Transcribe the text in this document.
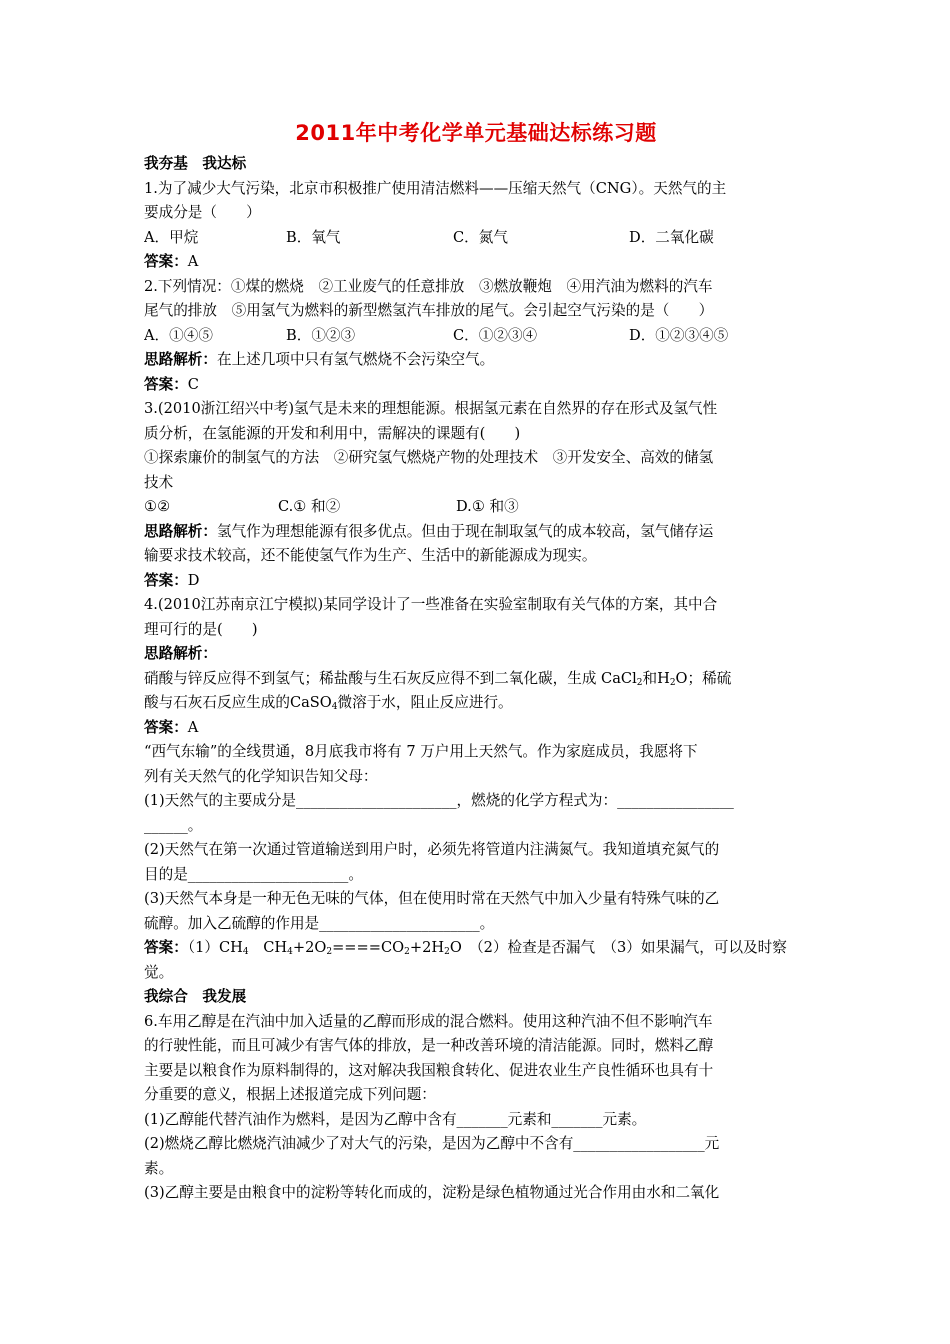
2011年中考化学单元基础达标练习题
我夯基　我达标
1.为了减少大气污染，北京市积极推广使用清洁燃料——压缩天然气（CNG）。天然气的主
要成分是（　　）
A．甲烷	B．氧气	C．氮气	D．二氧化碳
答案：A
2.下列情况：①煤的燃烧　②工业废气的任意排放　③燃放鞭炮　④用汽油为燃料的汽车
尾气的排放　⑤用氢气为燃料的新型燃氢汽车排放的尾气。会引起空气污染的是（　　）
A．①④⑤	B．①②③	C．①②③④	D．①②③④⑤
思路解析：在上述几项中只有氢气燃烧不会污染空气。
答案：C
3.(2010浙江绍兴中考)氢气是未来的理想能源。根据氢元素在自然界的存在形式及氢气性
质分析，在氢能源的开发和利用中，需解决的课题有(　　)
①探索廉价的制氢气的方法　②研究氢气燃烧产物的处理技术　③开发安全、高效的储氢
技术
①②	C.① 和②	D.① 和③
思路解析：氢气作为理想能源有很多优点。但由于现在制取氢气的成本较高，氢气储存运
输要求技术较高，还不能使氢气作为生产、生活中的新能源成为现实。
答案：D
4.(2010江苏南京江宁模拟)某同学设计了一些准备在实验室制取有关气体的方案，其中合
理可行的是(　　)
思路解析：
硝酸与锌反应得不到氢气；稀盐酸与生石灰反应得不到二氧化碳，生成 CaCl$_2$和$H_2O$；稀硫
酸与石灰石反应生成的CaSO$_4$微溶于水，阻止反应进行。
答案：A
“西气东输”的全线贯通，8月底我市将有 7 万户用上天然气。作为家庭成员，我愿将下
列有关天然气的化学知识告知父母：
(1)天然气的主要成分是______________________，燃烧的化学方程式为：________________
______。
(2)天然气在第一次通过管道输送到用户时，必须先将管道内注满氮气。我知道填充氮气的
目的是______________________。
(3)天然气本身是一种无色无味的气体，但在使用时常在天然气中加入少量有特殊气味的乙
硫醇。加入乙硫醇的作用是______________________。
答案：$(1)CH_4$　$CH_4+2O_2====CO_2+2H_2O$　（2）检查是否漏气　（3）如果漏气，可以及时察
觉。
我综合　我发展
6.车用乙醇是在汽油中加入适量的乙醇而形成的混合燃料。使用这种汽油不但不影响汽车
的行驶性能，而且可减少有害气体的排放，是一种改善环境的清洁能源。同时，燃料乙醇
主要是以粮食作为原料制得的，这对解决我国粮食转化、促进农业生产良性循环也具有十
分重要的意义，根据上述报道完成下列问题：
(1)乙醇能代替汽油作为燃料，是因为乙醇中含有_______元素和_______元素。
(2)燃烧乙醇比燃烧汽油减少了对大气的污染，是因为乙醇中不含有__________________元
素。
(3)乙醇主要是由粮食中的淀粉等转化而成的，淀粉是绿色植物通过光合作用由水和二氧化
